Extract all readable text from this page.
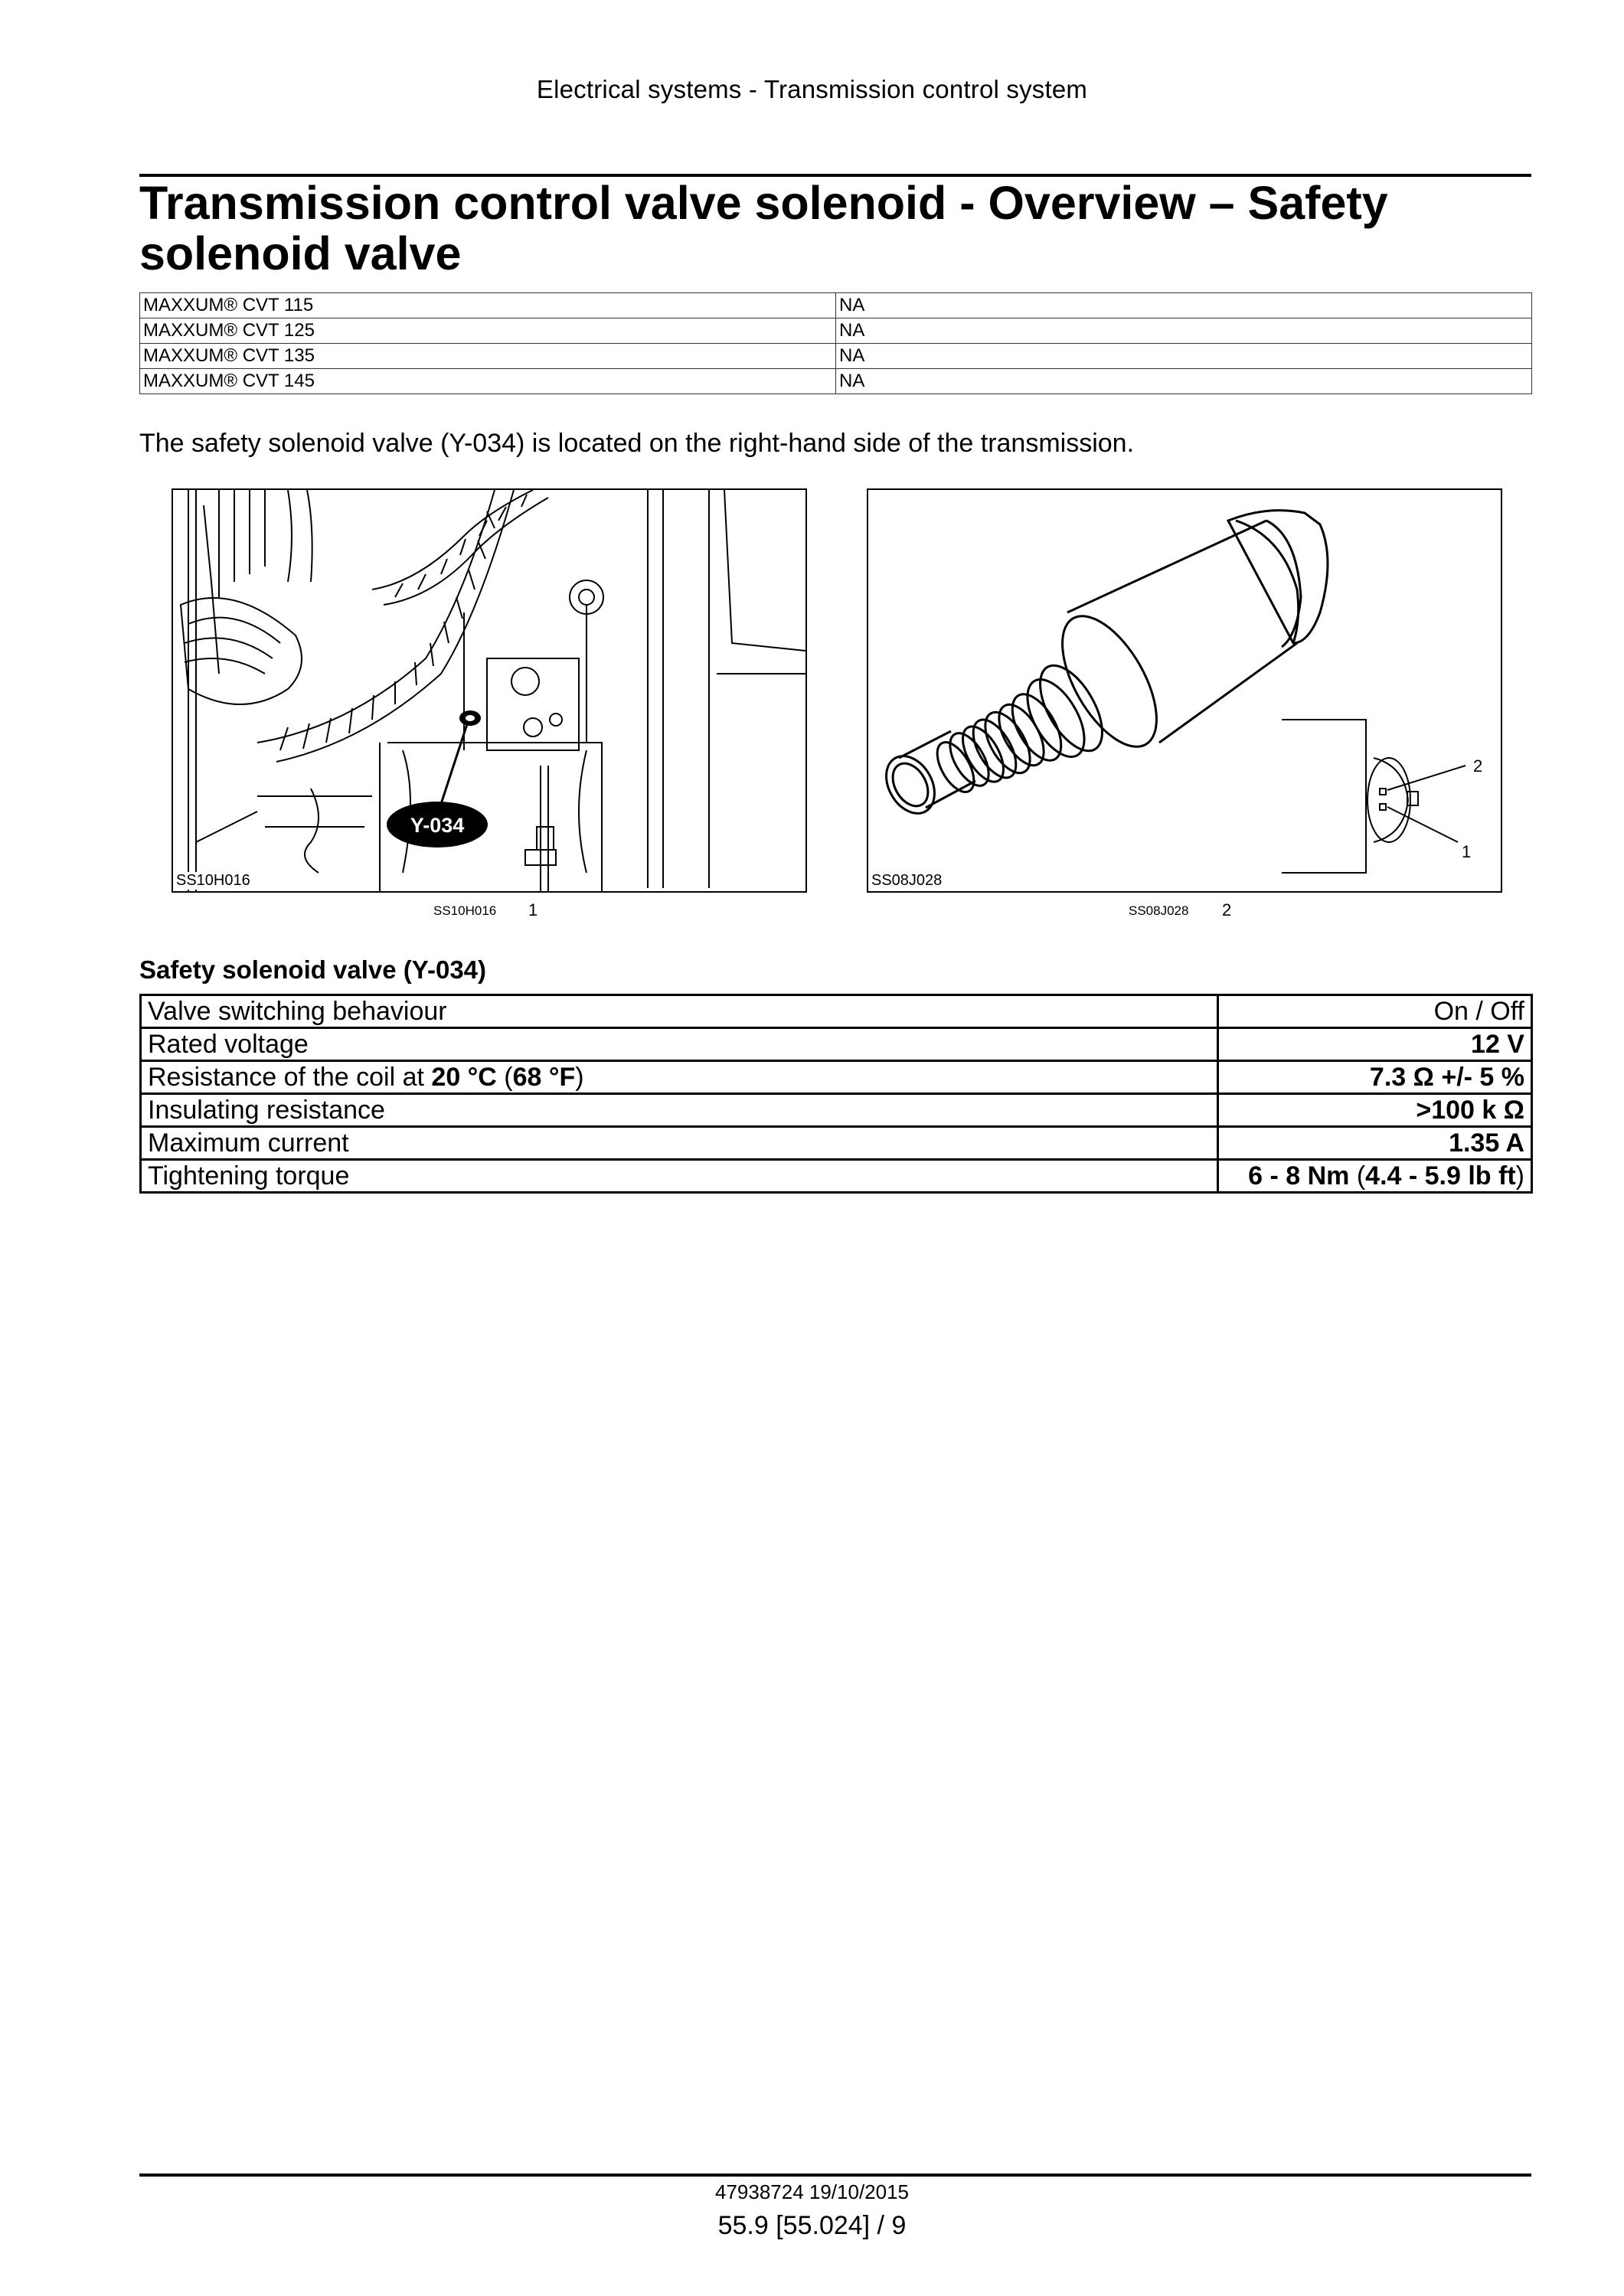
Electrical systems - Transmission control system
Transmission control valve solenoid - Overview – Safety solenoid valve
MAXXUM® CVT 115	NA
MAXXUM® CVT 125	NA
MAXXUM® CVT 135	NA
MAXXUM® CVT 145	NA
The safety solenoid valve (Y-034) is located on the right-hand side of the transmission.
Y-034
SS10H016
2
1
SS08J028
SS10H016 1	SS08J028 2
Safety solenoid valve (Y-034)
Valve switching behaviour	On / Off
Rated voltage	12 V
Resistance of the coil at 20 °C (68 °F)	7.3 Ω +/- 5 %
Insulating resistance	>100 k Ω
Maximum current	1.35 A
Tightening torque	6 - 8 Nm (4.4 - 5.9 lb ft)
47938724 19/10/2015
55.9 [55.024] / 9
